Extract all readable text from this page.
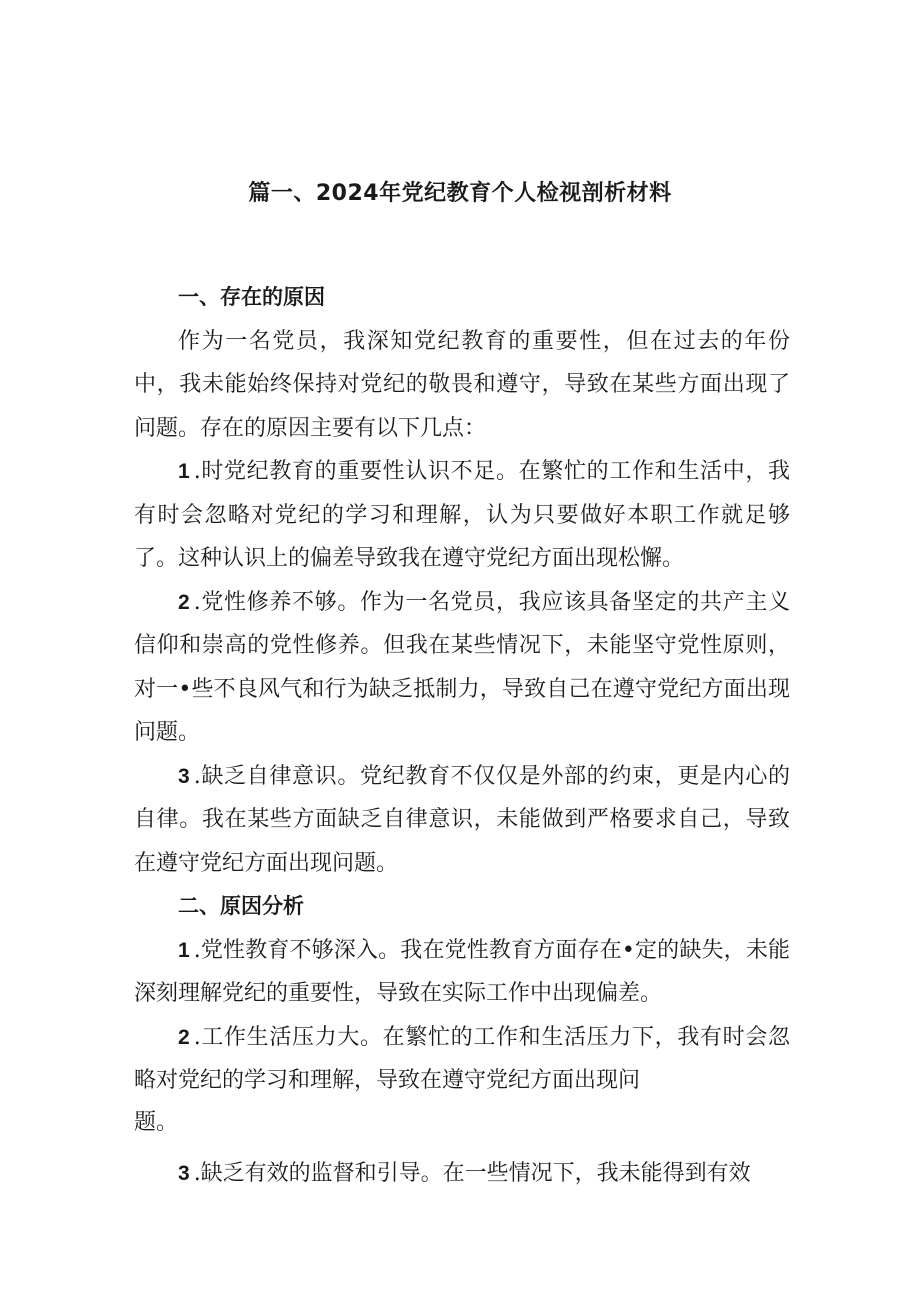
篇一、2024年党纪教育个人检视剖析材料

一、存在的原因

作为一名党员，我深知党纪教育的重要性，但在过去的年份中，我未能始终保持对党纪的敬畏和遵守，导致在某些方面出现了问题。存在的原因主要有以下几点：

1 .时党纪教育的重要性认识不足。在繁忙的工作和生活中，我有时会忽略对党纪的学习和理解，认为只要做好本职工作就足够了。这种认识上的偏差导致我在遵守党纪方面出现松懈。

2 .党性修养不够。作为一名党员，我应该具备坚定的共产主义信仰和崇高的党性修养。但我在某些情况下，未能坚守党性原则，对一•些不良风气和行为缺乏抵制力，导致自己在遵守党纪方面出现问题。

3 .缺乏自律意识。党纪教育不仅仅是外部的约束，更是内心的自律。我在某些方面缺乏自律意识，未能做到严格要求自己，导致在遵守党纪方面出现问题。

二、原因分析

1 .党性教育不够深入。我在党性教育方面存在•定的缺失，未能深刻理解党纪的重要性，导致在实际工作中出现偏差。

2 .工作生活压力大。在繁忙的工作和生活压力下，我有时会忽略对党纪的学习和理解，导致在遵守党纪方面出现问

题。

3 .缺乏有效的监督和引导。在一些情况下，我未能得到有效
